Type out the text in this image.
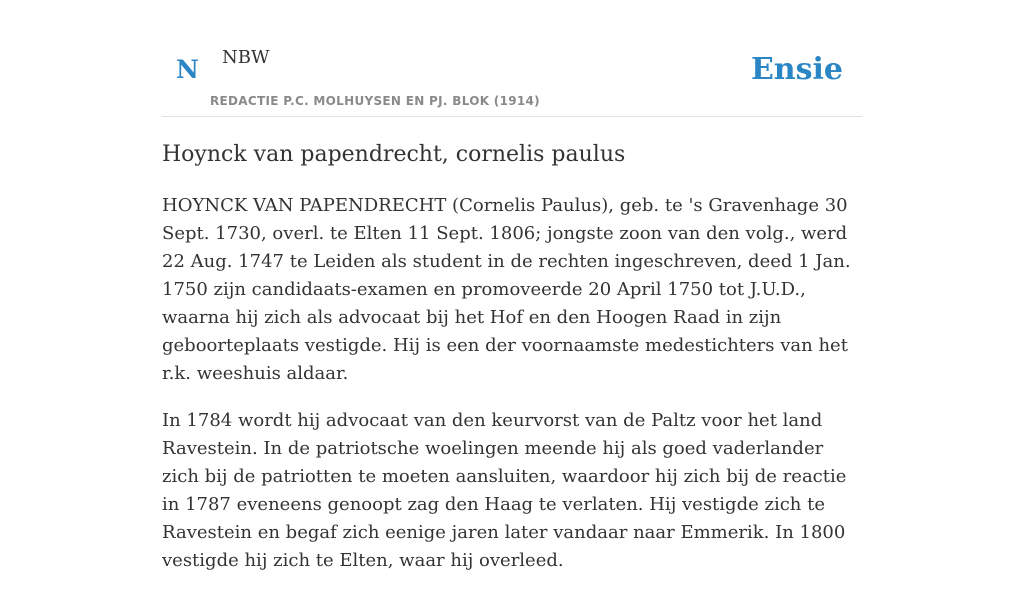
N NBW
REDACTIE P.C. MOLHUYSEN EN PJ. BLOK (1914)
Ensie
Hoynck van papendrecht, cornelis paulus

HOYNCK VAN PAPENDRECHT (Cornelis Paulus), geb. te 's Gravenhage 30 Sept. 1730, overl. te Elten 11 Sept. 1806; jongste zoon van den volg., werd 22 Aug. 1747 te Leiden als student in de rechten ingeschreven, deed 1 Jan. 1750 zijn candidaats-examen en promoveerde 20 April 1750 tot J.U.D., waarna hij zich als advocaat bij het Hof en den Hoogen Raad in zijn geboorteplaats vestigde. Hij is een der voornaamste medestichters van het r.k. weeshuis aldaar.

In 1784 wordt hij advocaat van den keurvorst van de Paltz voor het land Ravestein. In de patriotsche woelingen meende hij als goed vaderlander zich bij de patriotten te moeten aansluiten, waardoor hij zich bij de reactie in 1787 eveneens genoopt zag den Haag te verlaten. Hij vestigde zich te Ravestein en begaf zich eenige jaren later vandaar naar Emmerik. In 1800 vestigde hij zich te Elten, waar hij overleed.
